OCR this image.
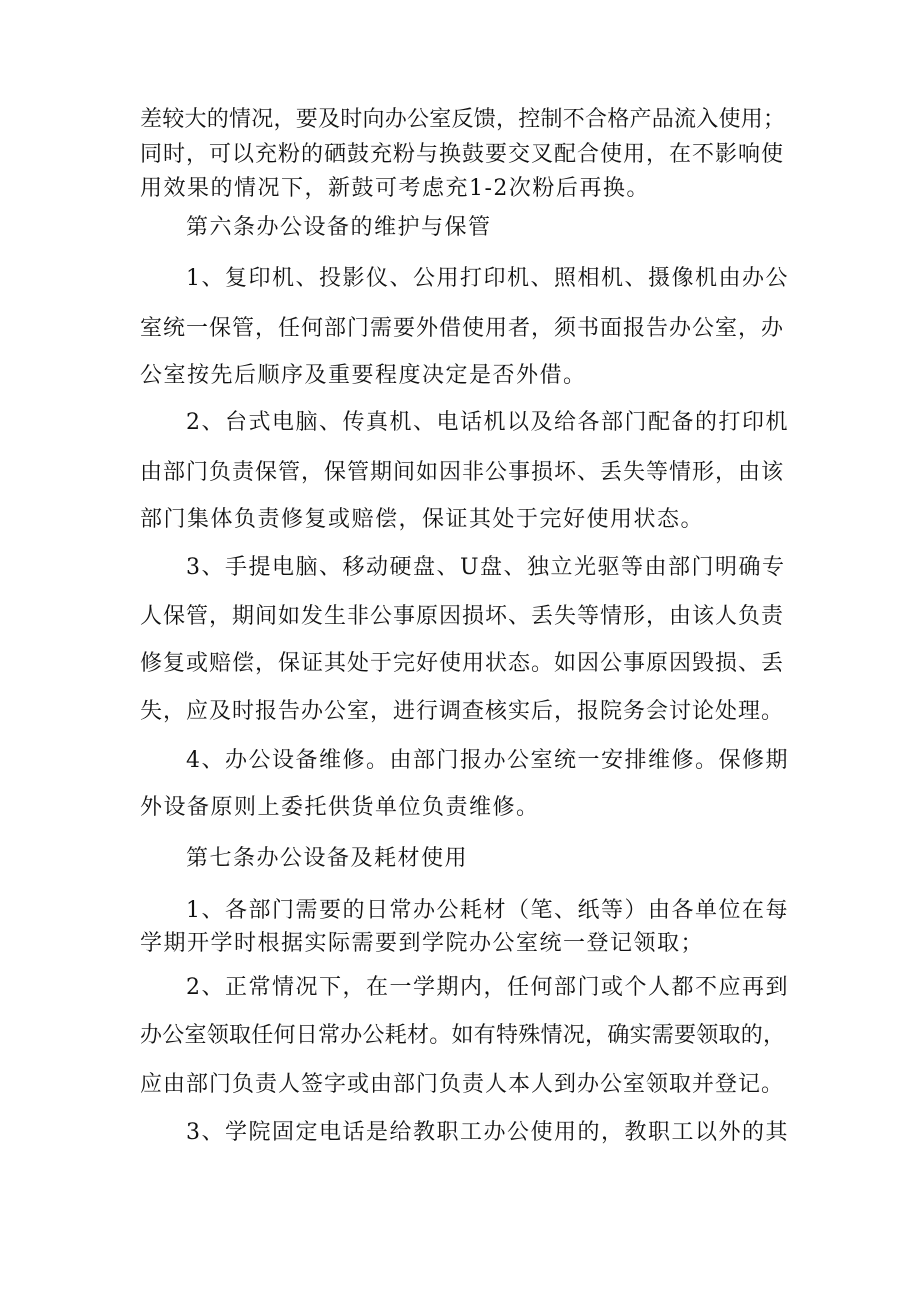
差较大的情况，要及时向办公室反馈，控制不合格产品流入使用；
同时，可以充粉的硒鼓充粉与换鼓要交叉配合使用，在不影响使
用效果的情况下，新鼓可考虑充1-2次粉后再换。
第六条办公设备的维护与保管
1、复印机、投影仪、公用打印机、照相机、摄像机由办公
室统一保管，任何部门需要外借使用者，须书面报告办公室，办
公室按先后顺序及重要程度决定是否外借。
2、台式电脑、传真机、电话机以及给各部门配备的打印机
由部门负责保管，保管期间如因非公事损坏、丢失等情形，由该
部门集体负责修复或赔偿，保证其处于完好使用状态。
3、手提电脑、移动硬盘、U盘、独立光驱等由部门明确专
人保管，期间如发生非公事原因损坏、丢失等情形，由该人负责
修复或赔偿，保证其处于完好使用状态。如因公事原因毁损、丢
失，应及时报告办公室，进行调查核实后，报院务会讨论处理。
4、办公设备维修。由部门报办公室统一安排维修。保修期
外设备原则上委托供货单位负责维修。
第七条办公设备及耗材使用
1、各部门需要的日常办公耗材（笔、纸等）由各单位在每
学期开学时根据实际需要到学院办公室统一登记领取；
2、正常情况下，在一学期内，任何部门或个人都不应再到
办公室领取任何日常办公耗材。如有特殊情况，确实需要领取的，
应由部门负责人签字或由部门负责人本人到办公室领取并登记。
3、学院固定电话是给教职工办公使用的，教职工以外的其
